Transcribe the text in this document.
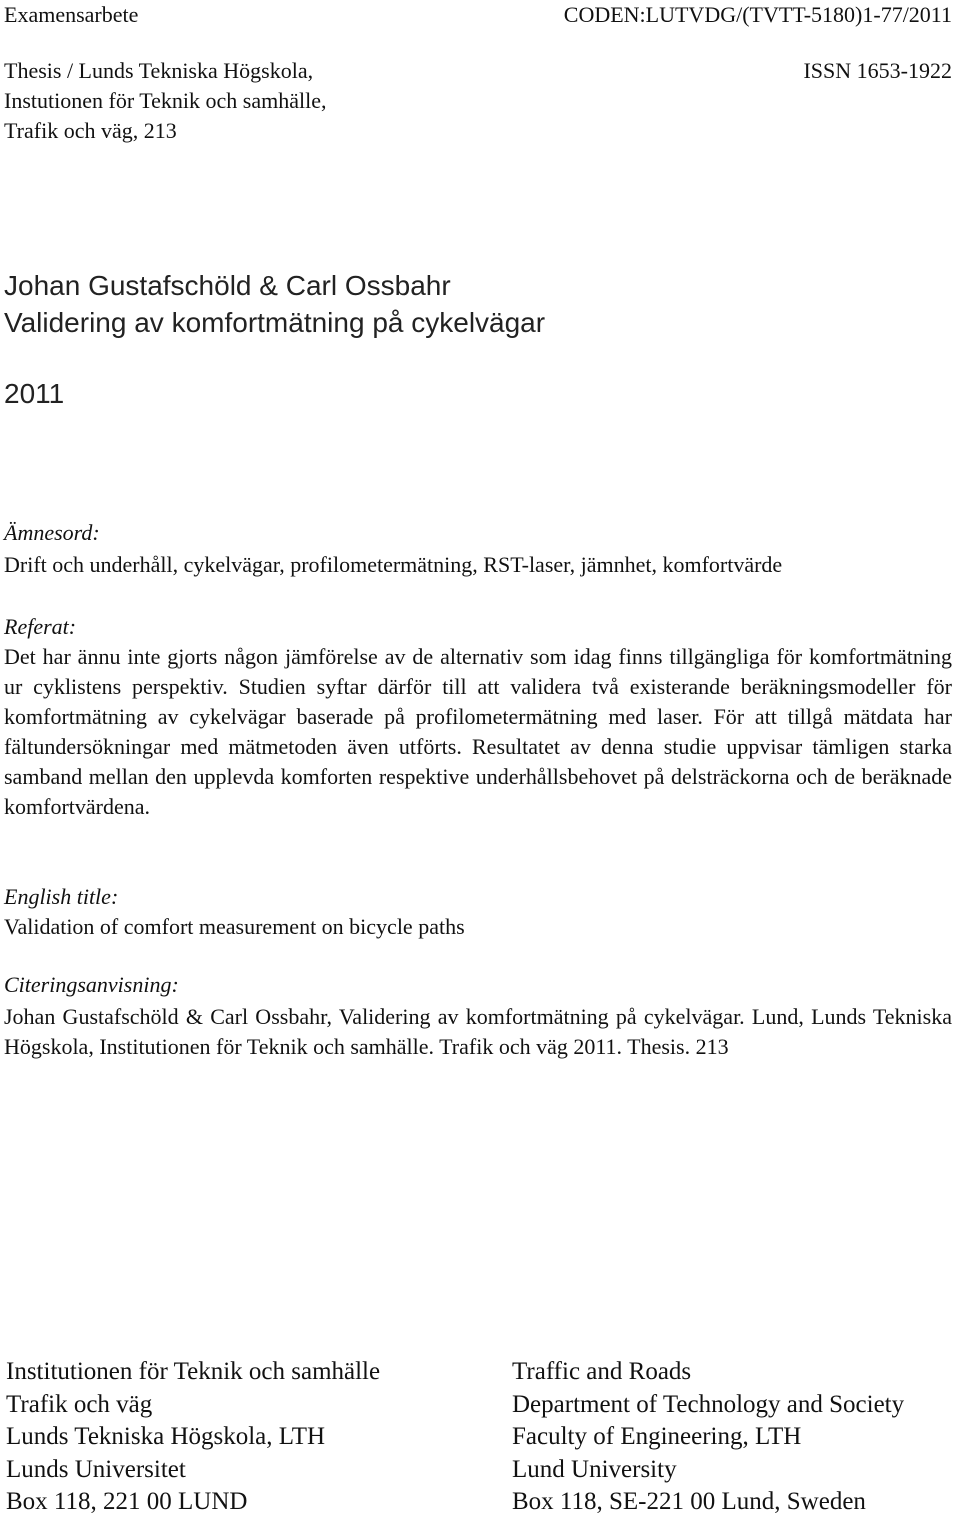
Examensarbete	CODEN:LUTVDG/(TVTT-5180)1-77/2011
Thesis / Lunds Tekniska Högskola,	ISSN 1653-1922
Instutionen för Teknik och samhälle,
Trafik och väg, 213
Johan Gustafschöld & Carl Ossbahr
Validering av komfortmätning på cykelvägar
2011
Ämnesord:
Drift och underhåll, cykelvägar, profilometermätning, RST-laser, jämnhet, komfortvärde
Referat:
Det har ännu inte gjorts någon jämförelse av de alternativ som idag finns tillgängliga för komfortmätning ur cyklistens perspektiv. Studien syftar därför till att validera två existerande beräkningsmodeller för komfortmätning av cykelvägar baserade på profilometermätning med laser. För att tillgå mätdata har fältundersökningar med mätmetoden även utförts. Resultatet av denna studie uppvisar tämligen starka samband mellan den upplevda komforten respektive underhållsbehovet på delsträckorna och de beräknade komfortvärdena.
English title:
Validation of comfort measurement on bicycle paths
Citeringsanvisning:
Johan Gustafschöld & Carl Ossbahr, Validering av komfortmätning på cykelvägar. Lund, Lunds Tekniska Högskola, Institutionen för Teknik och samhälle. Trafik och väg 2011. Thesis. 213
Institutionen för Teknik och samhälle
Trafik och väg
Lunds Tekniska Högskola, LTH
Lunds Universitet
Box 118, 221 00 LUND
Traffic and Roads
Department of Technology and Society
Faculty of Engineering, LTH
Lund University
Box 118, SE-221 00 Lund, Sweden
